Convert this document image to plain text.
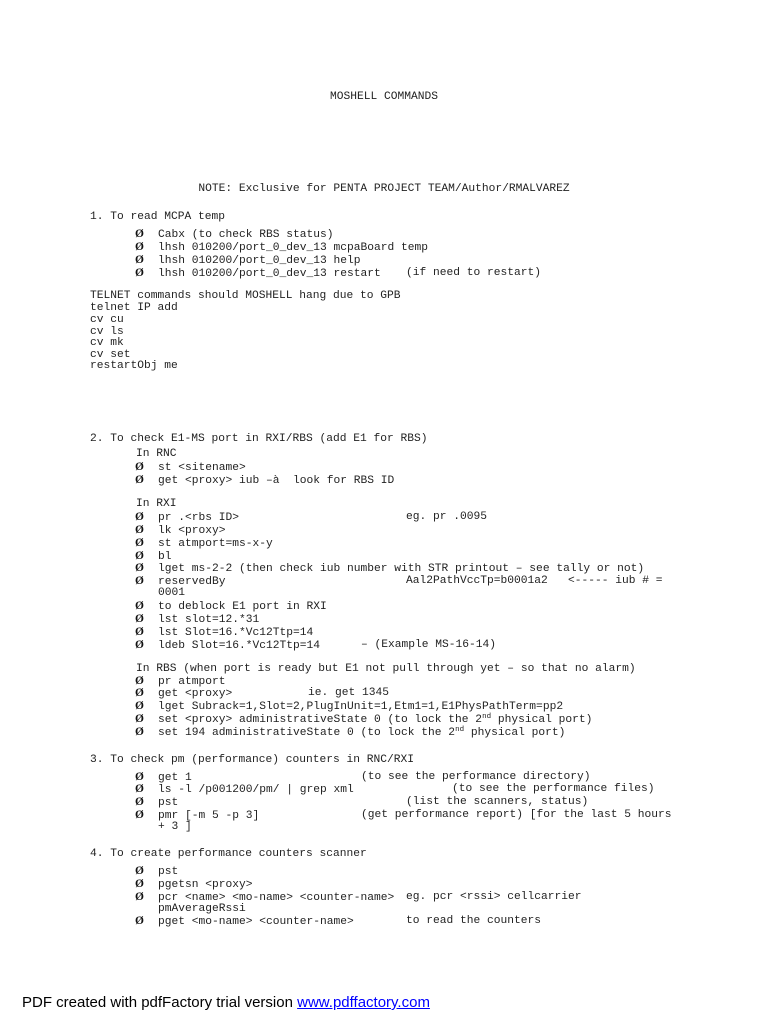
MOSHELL COMMANDS
NOTE: Exclusive for PENTA PROJECT TEAM/Author/RMALVAREZ
1. To read MCPA temp
Ø	Cabx (to check RBS status)
Ø	lhsh 010200/port_0_dev_13 mcpaBoard temp
Ø	lhsh 010200/port_0_dev_13 help
Ø	lhsh 010200/port_0_dev_13 restart (if need to restart)
TELNET commands should MOSHELL hang due to GPB
telnet IP add
cv cu
cv ls
cv mk
cv set
restartObj me
2. To check E1-MS port in RXI/RBS (add E1 for RBS)
In RNC
Ø	st <sitename>
Ø	get <proxy> iub –à  look for RBS ID
In RXI
Ø	pr .<rbs ID>	eg. pr .0095
Ø	lk <proxy>
Ø	st atmport=ms-x-y
Ø	bl
Ø	lget ms-2-2 (then check iub number with STR printout – see tally or not)
Ø	reservedBy	Aal2PathVccTp=b0001a2   <----- iub # =
0001
Ø	to deblock E1 port in RXI
Ø	lst slot=12.*31
Ø	lst Slot=16.*Vc12Ttp=14
Ø	ldeb Slot=16.*Vc12Ttp=14	– (Example MS-16-14)
In RBS (when port is ready but E1 not pull through yet – so that no alarm)
Ø	pr atmport
Ø	get <proxy>	ie. get 1345
Ø	lget Subrack=1,Slot=2,PlugInUnit=1,Etm1=1,E1PhysPathTerm=pp2
Ø	set <proxy> administrativeState 0 (to lock the 2nd physical port)
Ø	set 194 administrativeState 0 (to lock the 2nd physical port)
3. To check pm (performance) counters in RNC/RXI
Ø	get 1	(to see the performance directory)
Ø	ls -l /p001200/pm/ | grep xml	(to see the performance files)
Ø	pst	(list the scanners, status)
Ø	pmr [-m 5 -p 3]	(get performance report) [for the last 5 hours
+ 3 ]
4. To create performance counters scanner
Ø	pst
Ø	pgetsn <proxy>
Ø	pcr <name> <mo-name> <counter-name> eg. pcr <rssi> cellcarrier
pmAverageRssi
Ø	pget <mo-name> <counter-name>	to read the counters
PDF created with pdfFactory trial version www.pdffactory.com
